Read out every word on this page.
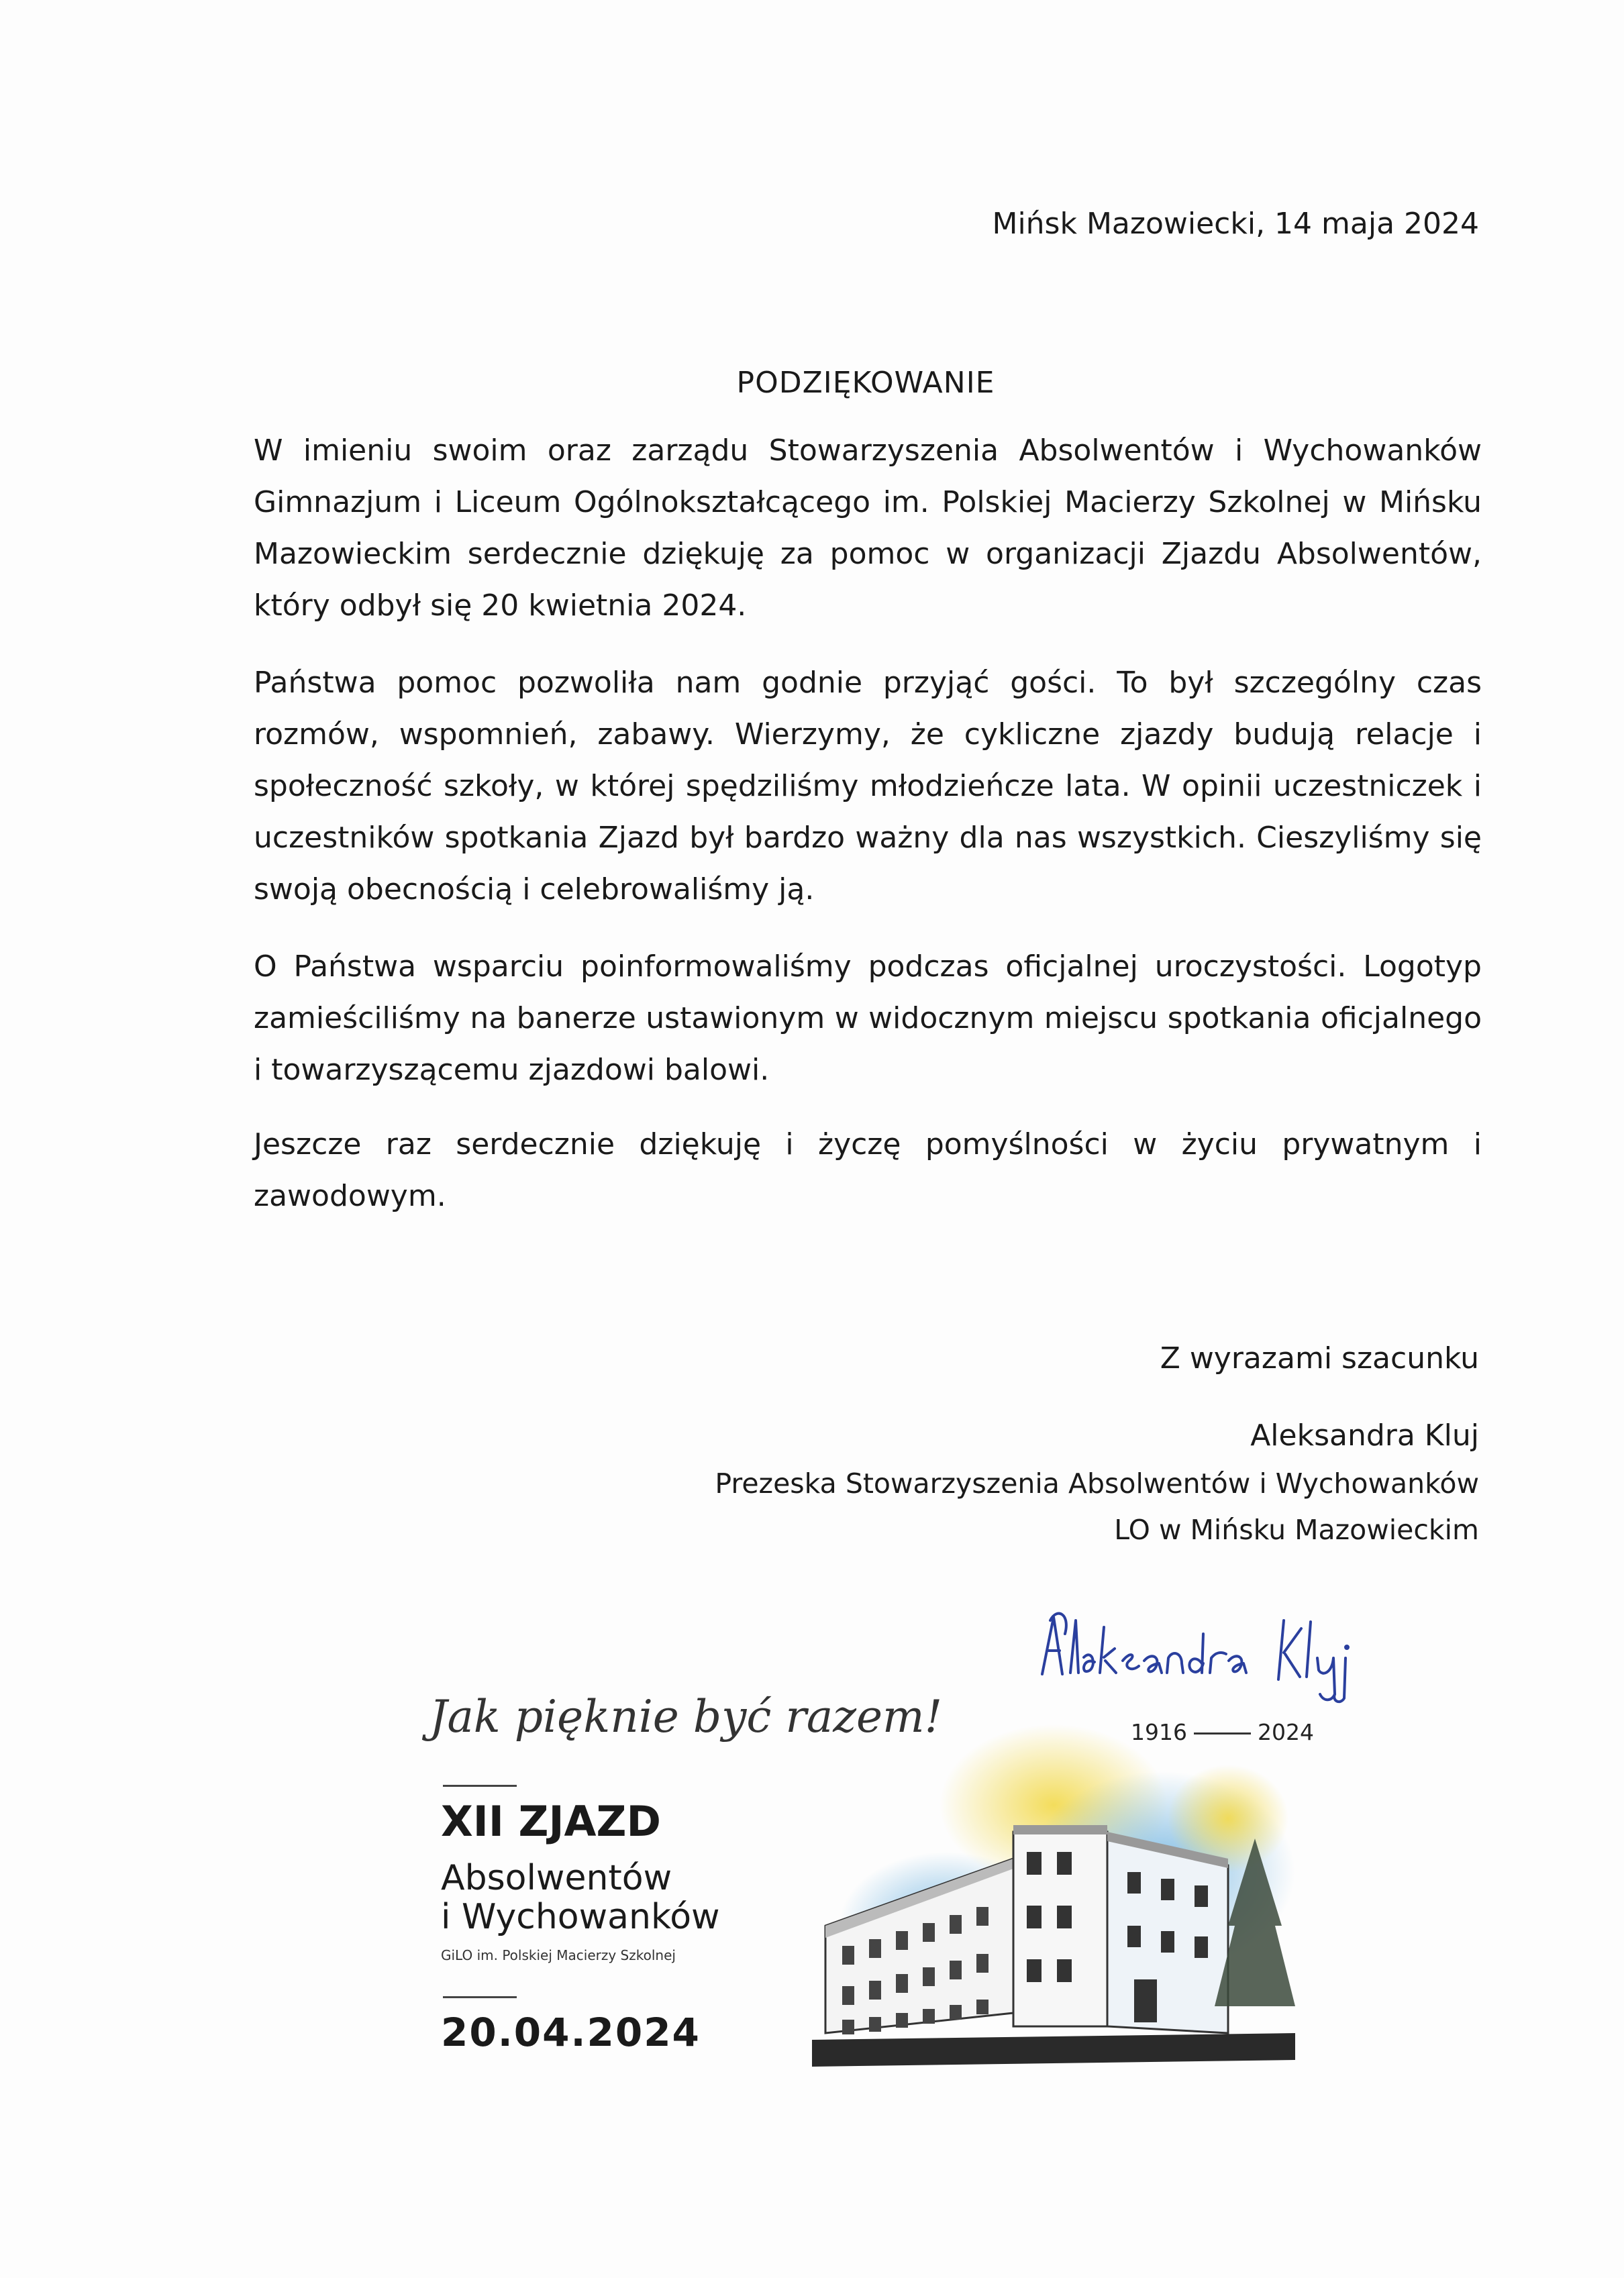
Mińsk Mazowiecki, 14 maja 2024
PODZIĘKOWANIE
W imieniu swoim oraz zarządu Stowarzyszenia Absolwentów i Wychowanków Gimnazjum i Liceum Ogólnokształcącego im. Polskiej Macierzy Szkolnej w Mińsku Mazowieckim serdecznie dziękuję za pomoc w organizacji Zjazdu Absolwentów, który odbył się 20 kwietnia 2024.
Państwa pomoc pozwoliła nam godnie przyjąć gości. To był szczególny czas rozmów, wspomnień, zabawy. Wierzymy, że cykliczne zjazdy budują relacje i społeczność szkoły, w której spędziliśmy młodzieńcze lata. W opinii uczestniczek i uczestników spotkania Zjazd był bardzo ważny dla nas wszystkich. Cieszyliśmy się swoją obecnością i celebrowaliśmy ją.
O Państwa wsparciu poinformowaliśmy podczas oficjalnej uroczystości. Logotyp zamieściliśmy na banerze ustawionym w widocznym miejscu spotkania oficjalnego i towarzyszącemu zjazdowi balowi.
Jeszcze raz serdecznie dziękuję i życzę pomyślności w życiu prywatnym i zawodowym.
Z wyrazami szacunku
Aleksandra Kluj
Prezeska Stowarzyszenia Absolwentów i Wychowanków
LO w Mińsku Mazowieckim
Jak pięknie być razem!	1916	2024
XII ZJAZD
Absolwentów
i Wychowanków
GiLO im. Polskiej Macierzy Szkolnej
20.04.2024
